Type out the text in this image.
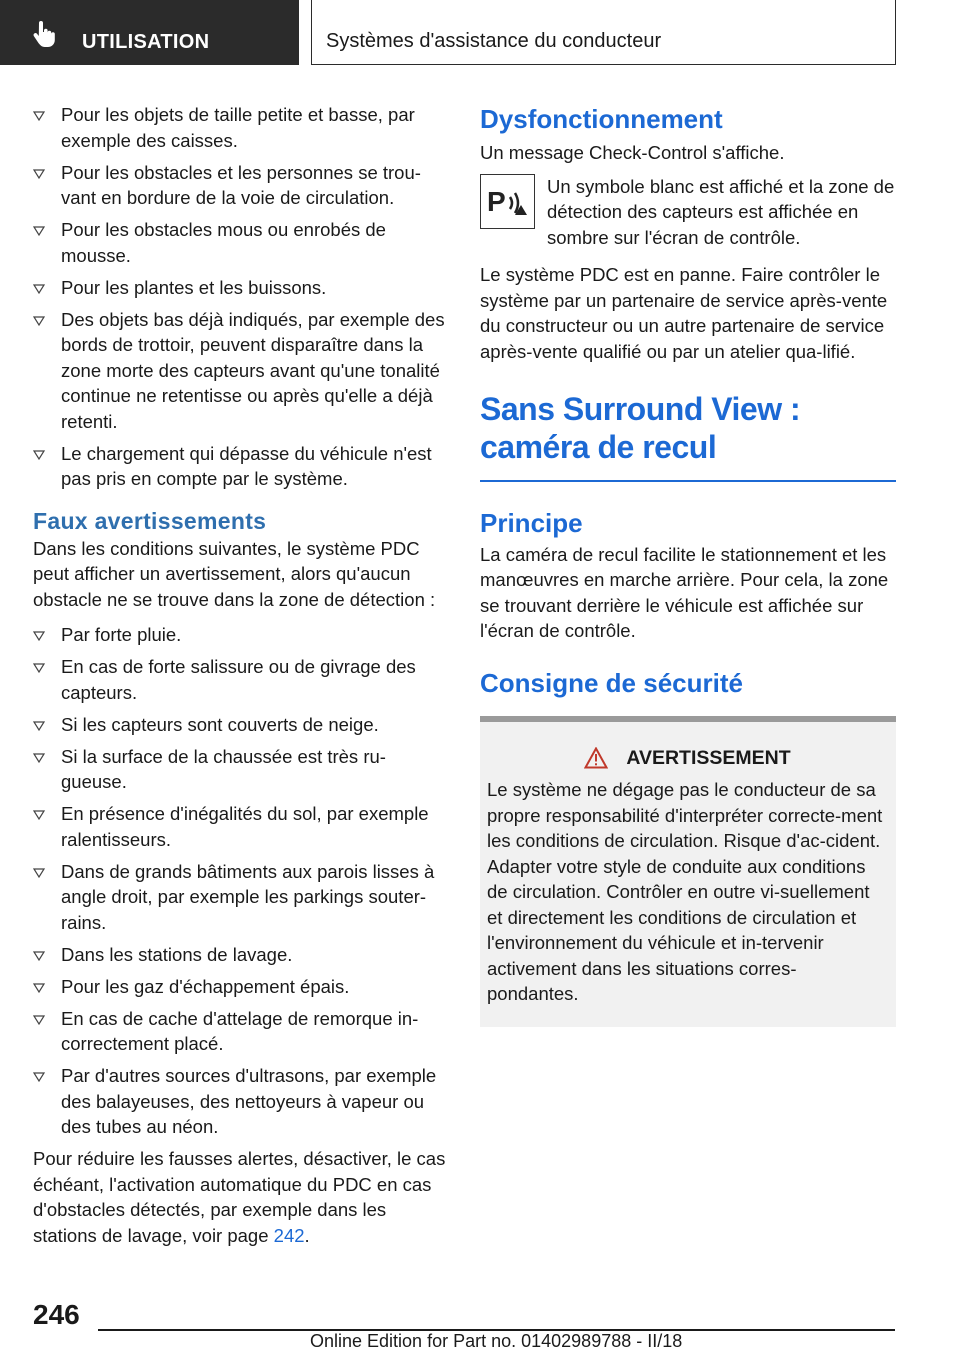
UTILISATION	Systèmes d'assistance du conducteur
Pour les objets de taille petite et basse, par exemple des caisses.
Pour les obstacles et les personnes se trou-vant en bordure de la voie de circulation.
Pour les obstacles mous ou enrobés de mousse.
Pour les plantes et les buissons.
Des objets bas déjà indiqués, par exemple des bords de trottoir, peuvent disparaître dans la zone morte des capteurs avant qu'une tonalité continue ne retentisse ou après qu'elle a déjà retenti.
Le chargement qui dépasse du véhicule n'est pas pris en compte par le système.
Faux avertissements
Dans les conditions suivantes, le système PDC peut afficher un avertissement, alors qu'aucun obstacle ne se trouve dans la zone de détection :
Par forte pluie.
En cas de forte salissure ou de givrage des capteurs.
Si les capteurs sont couverts de neige.
Si la surface de la chaussée est très ru-gueuse.
En présence d'inégalités du sol, par exemple ralentisseurs.
Dans de grands bâtiments aux parois lisses à angle droit, par exemple les parkings souter-rains.
Dans les stations de lavage.
Pour les gaz d'échappement épais.
En cas de cache d'attelage de remorque in-correctement placé.
Par d'autres sources d'ultrasons, par exemple des balayeuses, des nettoyeurs à vapeur ou des tubes au néon.
Pour réduire les fausses alertes, désactiver, le cas échéant, l'activation automatique du PDC en cas d'obstacles détectés, par exemple dans les stations de lavage, voir page 242.
Dysfonctionnement
Un message Check-Control s'affiche.
P Un symbole blanc est affiché et la zone de détection des capteurs est affichée en sombre sur l'écran de contrôle.
Le système PDC est en panne. Faire contrôler le système par un partenaire de service après-vente du constructeur ou un autre partenaire de service après-vente qualifié ou par un atelier qua-lifié.
Sans Surround View : caméra de recul
Principe
La caméra de recul facilite le stationnement et les manœuvres en marche arrière. Pour cela, la zone se trouvant derrière le véhicule est affichée sur l'écran de contrôle.
Consigne de sécurité
AVERTISSEMENT
Le système ne dégage pas le conducteur de sa propre responsabilité d'interpréter correcte-ment les conditions de circulation. Risque d'ac-cident. Adapter votre style de conduite aux conditions de circulation. Contrôler en outre vi-suellement et directement les conditions de circulation et l'environnement du véhicule et in-tervenir activement dans les situations corres-pondantes.
246
Online Edition for Part no. 01402989788 - II/18
